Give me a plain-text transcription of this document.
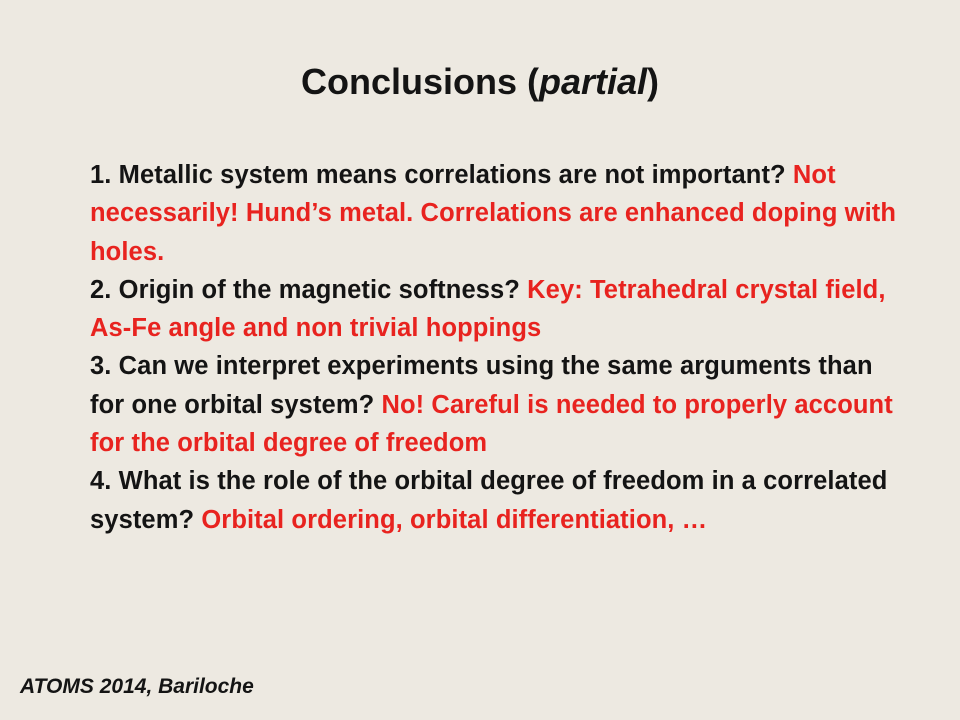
Conclusions (partial)

1. Metallic system means correlations are not important? Not necessarily! Hund’s metal. Correlations are enhanced doping with holes.

2. Origin of the magnetic softness? Key: Tetrahedral crystal field, As-Fe angle and non trivial hoppings

3. Can we interpret experiments using the same arguments than for one orbital system? No! Careful is needed to properly account for the orbital degree of freedom

4. What is the role of the orbital degree of freedom in a correlated system? Orbital ordering, orbital differentiation, …

ATOMS 2014, Bariloche
